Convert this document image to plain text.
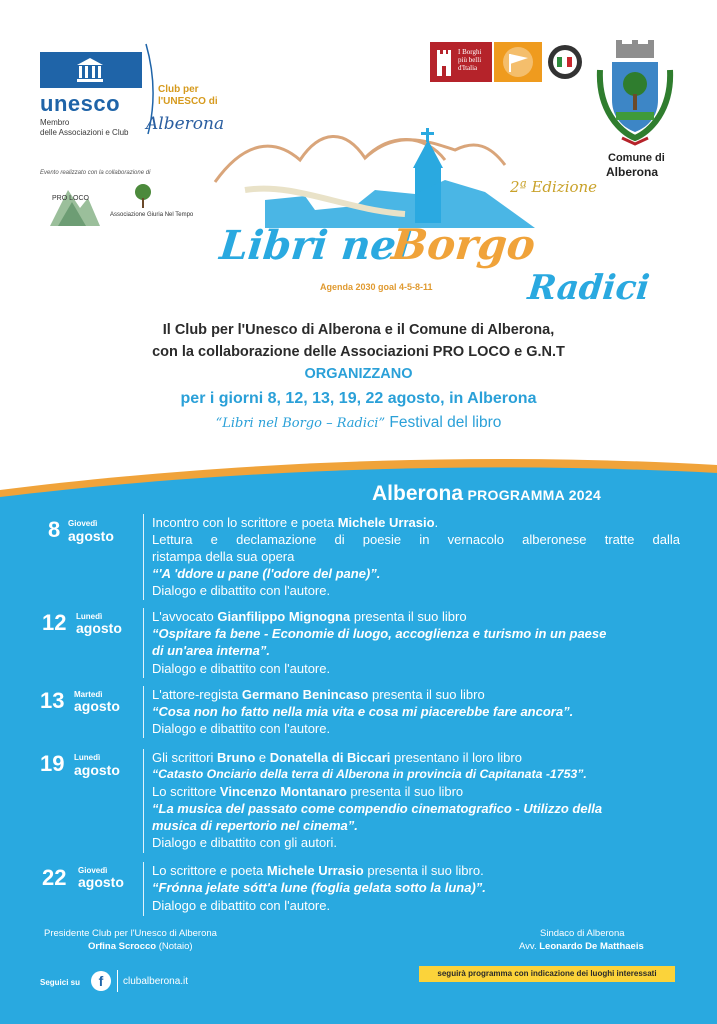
unesco
Membro
delle Associazioni e Club
Club per
l'UNESCO di
Alberona
Evento realizzato con la collaborazione di
PRO LOCO
Associazione Giuria Nel Tempo
I Borghi
più belli
d'Italia
Comune di
Alberona
2ª Edizione
Libri nel
Borgo
Agenda 2030 goal 4-5-8-11	Radici
Il Club per l'Unesco di Alberona e il Comune di Alberona,
con la collaborazione delle Associazioni PRO LOCO e G.N.T
ORGANIZZANO
per i giorni 8, 12, 13, 19, 22 agosto, in Alberona
“Libri nel Borgo – Radici” Festival del libro
Alberona PROGRAMMA 2024
8 Giovedì
agosto
Incontro con lo scrittore e poeta Michele Urrasio.
Lettura e declamazione di poesie in vernacolo alberonese tratte dalla
ristampa della sua opera
“'A 'ddore u pane (l'odore del pane)”.
Dialogo e dibattito con l'autore.
12 Lunedì
agosto
L'avvocato Gianfilippo Mignogna presenta il suo libro
“Ospitare fa bene - Economie di luogo, accoglienza e turismo in un paese
di un'area interna”.
Dialogo e dibattito con l'autore.
13 Martedì
agosto
L'attore-regista Germano Benincaso presenta il suo libro
“Cosa non ho fatto nella mia vita e cosa mi piacerebbe fare ancora”.
Dialogo e dibattito con l'autore.
19 Lunedì
agosto
Gli scrittori Bruno e Donatella di Biccari presentano il loro libro
“Catasto Onciario della terra di Alberona in provincia di Capitanata -1753”.
Lo scrittore Vincenzo Montanaro presenta il suo libro
“La musica del passato come compendio cinematografico - Utilizzo della
musica di repertorio nel cinema”.
Dialogo e dibattito con gli autori.
22 Giovedì
agosto
Lo scrittore e poeta Michele Urrasio presenta il suo libro.
“Frónna jelate sótt'a lune (foglia gelata sotto la luna)”.
Dialogo e dibattito con l'autore.
Presidente Club per l'Unesco di Alberona
Orfina Scrocco (Notaio)
Sindaco di Alberona
Avv. Leonardo De Matthaeis
Seguici su	f	clubalberona.it
seguirà programma con indicazione dei luoghi interessati
